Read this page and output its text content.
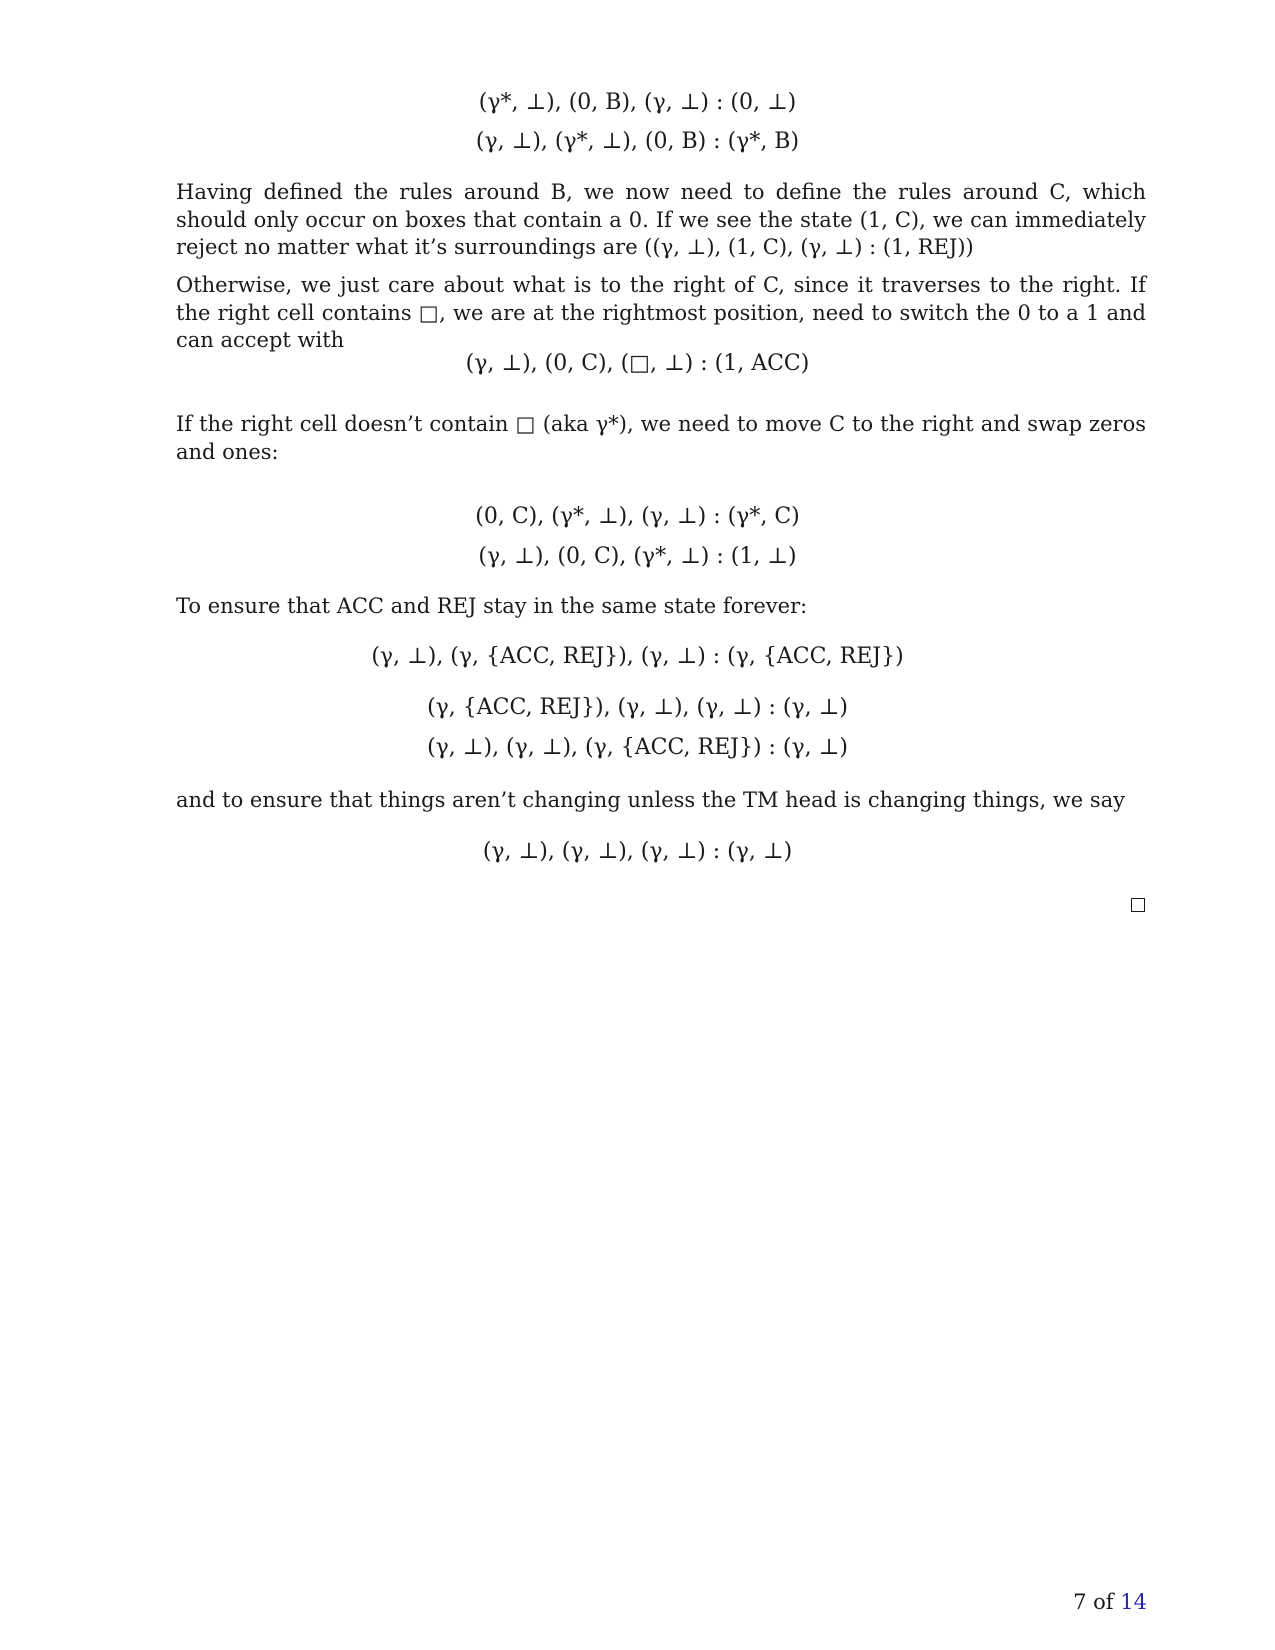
(γ*, ⊥), (0, B), (γ, ⊥) : (0, ⊥)
(γ, ⊥), (γ*, ⊥), (0, B) : (γ*, B)
Having defined the rules around B, we now need to define the rules around C, which should only occur on boxes that contain a 0. If we see the state (1, C), we can immediately reject no matter what it’s surroundings are ((γ, ⊥), (1, C), (γ, ⊥) : (1, REJ))
Otherwise, we just care about what is to the right of C, since it traverses to the right. If the right cell contains □, we are at the rightmost position, need to switch the 0 to a 1 and can accept with
(γ, ⊥), (0, C), (□, ⊥) : (1, ACC)
If the right cell doesn’t contain □ (aka γ*), we need to move C to the right and swap zeros and ones:
(0, C), (γ*, ⊥), (γ, ⊥) : (γ*, C)
(γ, ⊥), (0, C), (γ*, ⊥) : (1, ⊥)
To ensure that ACC and REJ stay in the same state forever:
(γ, ⊥), (γ, {ACC, REJ}), (γ, ⊥) : (γ, {ACC, REJ})
(γ, {ACC, REJ}), (γ, ⊥), (γ, ⊥) : (γ, ⊥)
(γ, ⊥), (γ, ⊥), (γ, {ACC, REJ}) : (γ, ⊥)
and to ensure that things aren’t changing unless the TM head is changing things, we say
(γ, ⊥), (γ, ⊥), (γ, ⊥) : (γ, ⊥)
7 of 14
